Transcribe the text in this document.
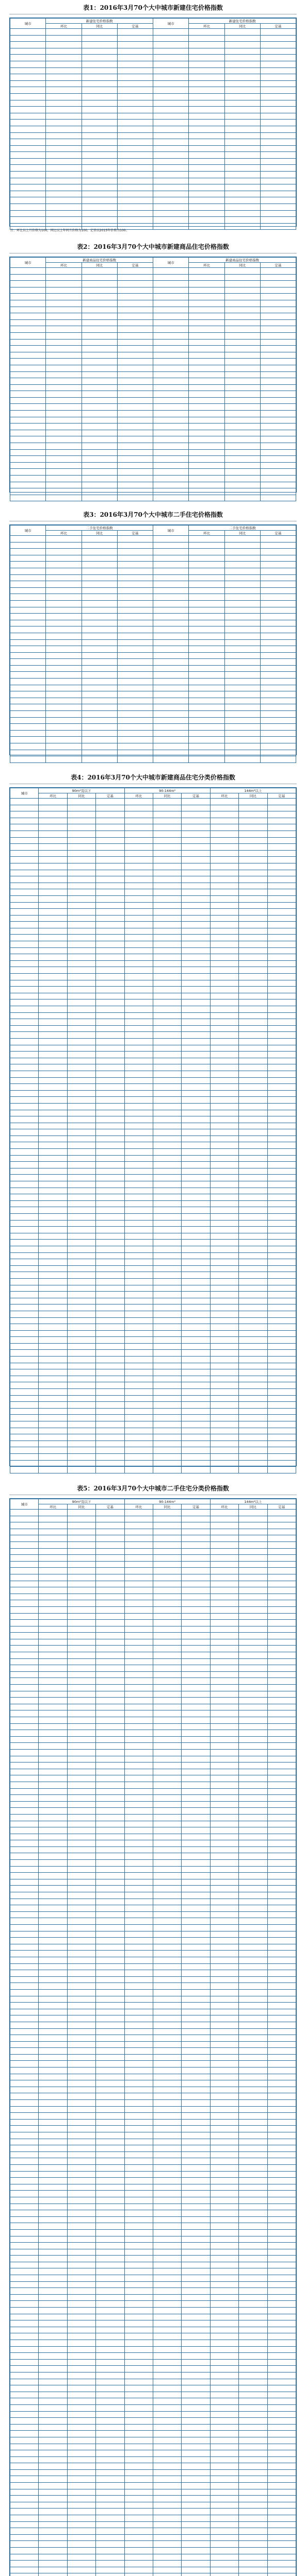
表1：2016年3月70个大中城市新建住宅价格指数
城市	新建住宅价格指数			城市	新建住宅价格指数		
	环比	同比	定基		环比	同比	定基

注：环比以上月价格为100，同比以上年同月价格为100，定基以2015年价格为100。
表2：2016年3月70个大中城市新建商品住宅价格指数
城市	新建商品住宅价格指数			城市	新建商品住宅价格指数		
	环比	同比	定基		环比	同比	定基

表3：2016年3月70个大中城市二手住宅价格指数
城市	二手住宅价格指数			城市	二手住宅价格指数		
	环比	同比	定基		环比	同比	定基

表4：2016年3月70个大中城市新建商品住宅分类价格指数
城市	90m²及以下			90-144m²			144m²以上		
	环比	同比	定基	环比	同比	定基	环比	同比	定基

表5：2016年3月70个大中城市二手住宅分类价格指数
城市	90m²及以下			90-144m²			144m²以上		
	环比	同比	定基	环比	同比	定基	环比	同比	定基
